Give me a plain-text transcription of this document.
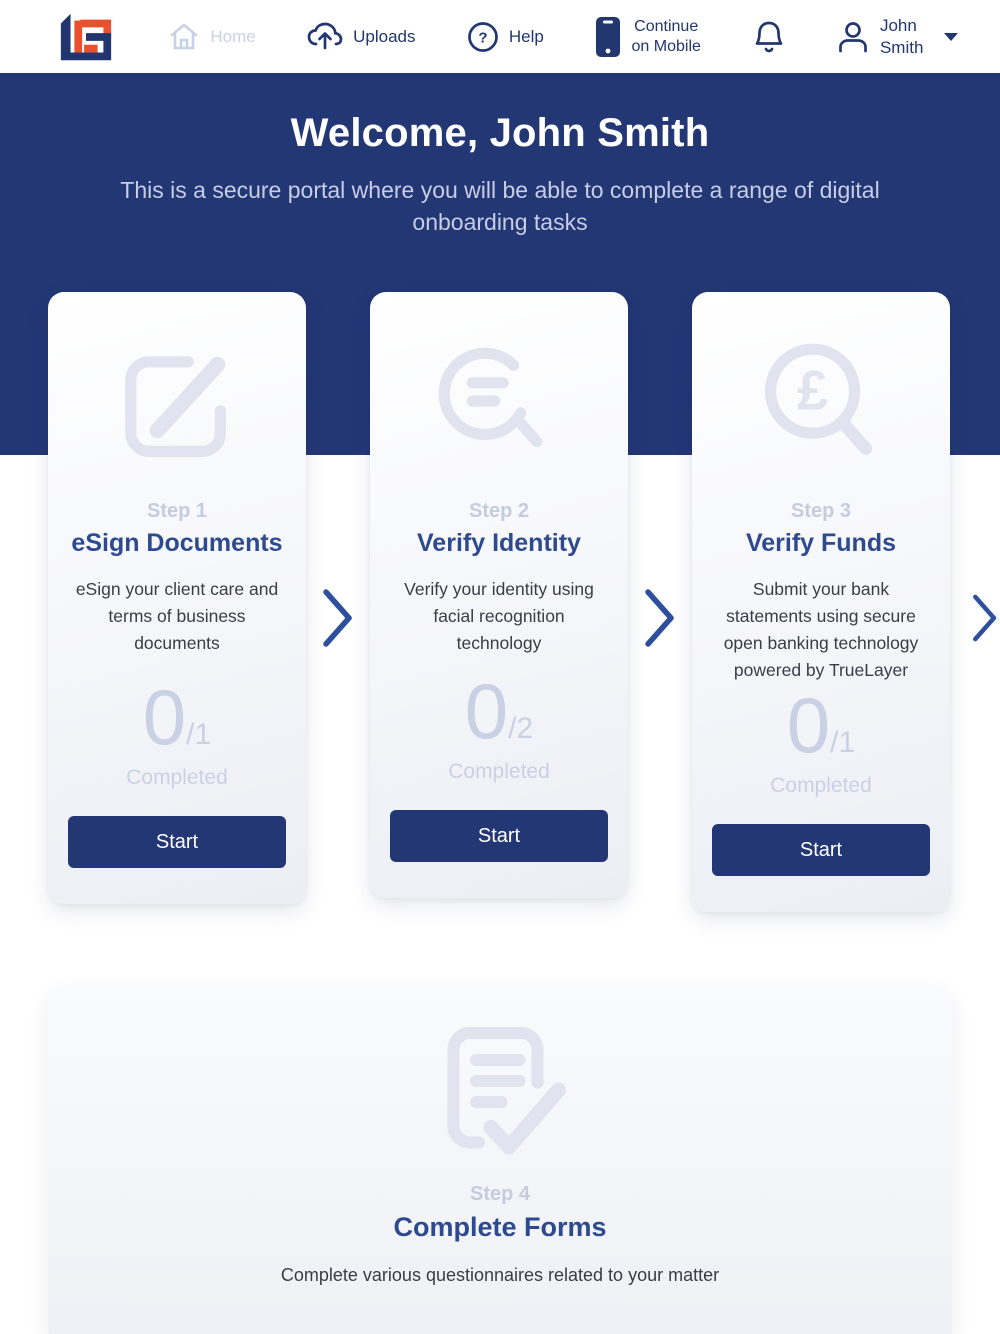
Home	Uploads	? Help
Continue on Mobile
John Smith
Welcome, John Smith

This is a secure portal where you will be able to complete a range of digital onboarding tasks

Step 1
eSign Documents

eSign your client care and terms of business documents

0/1
Completed
Start
Step 2
Verify Identity

Verify your identity using facial recognition technology

0/2
Completed
Start
£
Step 3
Verify Funds

Submit your bank statements using secure open banking technology powered by TrueLayer

0/1
Completed
Start
Step 4
Complete Forms

Complete various questionnaires related to your matter
